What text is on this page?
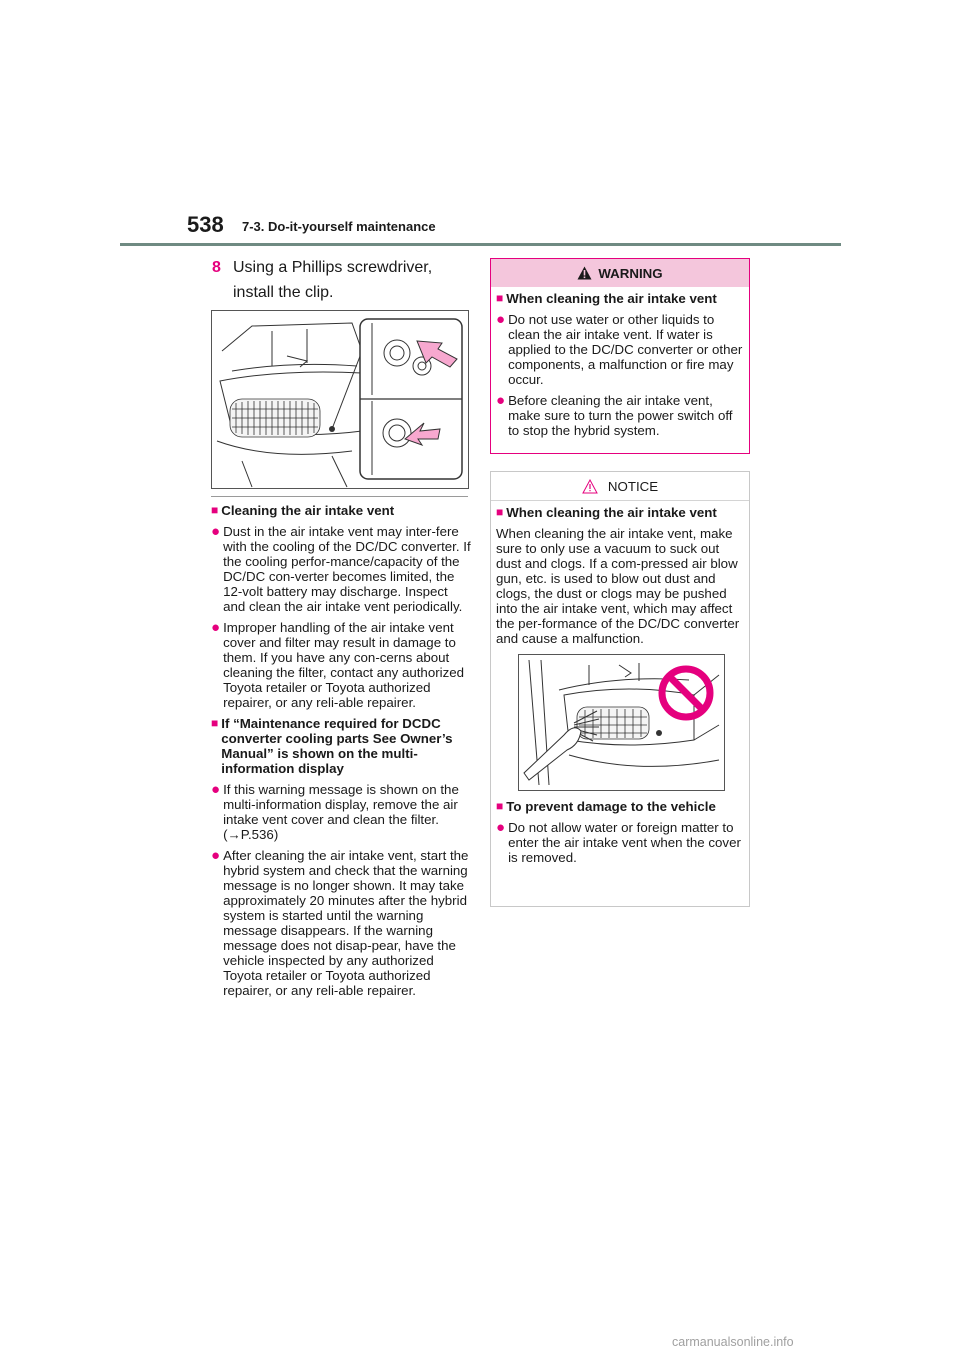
538 7-3. Do-it-yourself maintenance
8 Using a Phillips screwdriver, install the clip.
■ Cleaning the air intake vent
● Dust in the air intake vent may inter-fere with the cooling of the DC/DC converter. If the cooling perfor-mance/capacity of the DC/DC con-verter becomes limited, the 12-volt battery may discharge. Inspect and clean the air intake vent periodically.
● Improper handling of the air intake vent cover and filter may result in damage to them. If you have any con-cerns about cleaning the filter, contact any authorized Toyota retailer or Toyota authorized repairer, or any reli-able repairer.
■ If “Maintenance required for DCDC converter cooling parts See Owner’s Manual” is shown on the multi-information display
● If this warning message is shown on the multi-information display, remove the air intake vent cover and clean the filter. (→P.536)
● After cleaning the air intake vent, start the hybrid system and check that the warning message is no longer shown. It may take approximately 20 minutes after the hybrid system is started until the warning message disappears. If the warning message does not disap-pear, have the vehicle inspected by any authorized Toyota retailer or Toyota authorized repairer, or any reli-able repairer.
WARNING
■ When cleaning the air intake vent
● Do not use water or other liquids to clean the air intake vent. If water is applied to the DC/DC converter or other components, a malfunction or fire may occur.
● Before cleaning the air intake vent, make sure to turn the power switch off to stop the hybrid system.
NOTICE
■ When cleaning the air intake vent
When cleaning the air intake vent, make sure to only use a vacuum to suck out dust and clogs. If a com-pressed air blow gun, etc. is used to blow out dust and clogs, the dust or clogs may be pushed into the air intake vent, which may affect the per-formance of the DC/DC converter and cause a malfunction.
■ To prevent damage to the vehicle
● Do not allow water or foreign matter to enter the air intake vent when the cover is removed.
carmanualsonline.info
